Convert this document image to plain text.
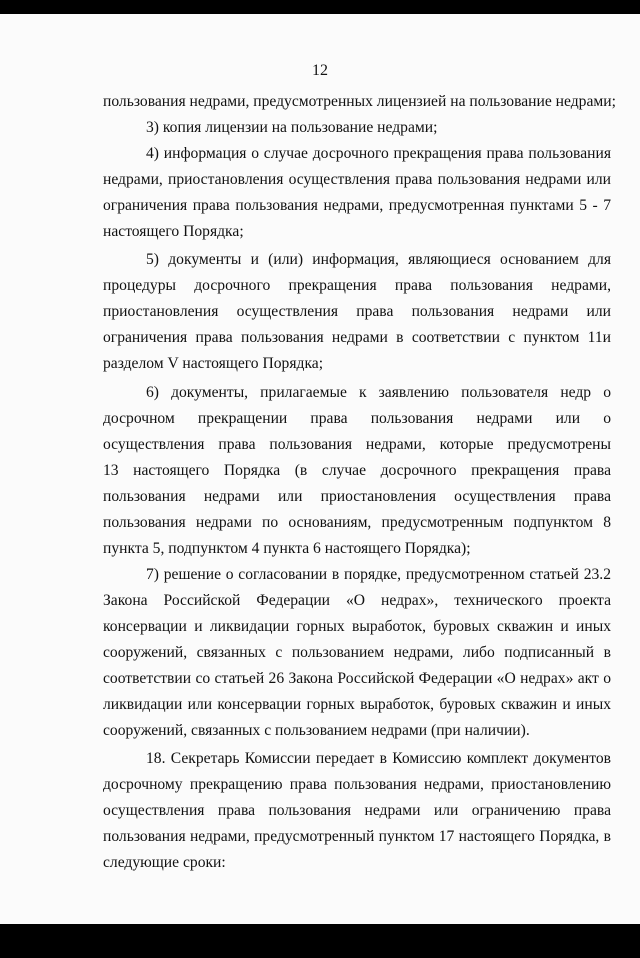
12
пользования недрами, предусмотренных лицензией на пользование недрами;
3) копия лицензии на пользование недрами;
4) информация о случае досрочного прекращения права пользования
недрами, приостановления осуществления права пользования недрами или
ограничения права пользования недрами, предусмотренная пунктами 5 - 7
настоящего Порядка;
5) документы и (или) информация, являющиеся основанием для
процедуры досрочного прекращения права пользования недрами,
приостановления осуществления права пользования недрами или
ограничения права пользования недрами в соответствии с пунктом 11и
разделом V настоящего Порядка;
6) документы, прилагаемые к заявлению пользователя недр о
досрочном прекращении права пользования недрами или о
осуществления права пользования недрами, которые предусмотрены
13 настоящего Порядка (в случае досрочного прекращения права
пользования недрами или приостановления осуществления права
пользования недрами по основаниям, предусмотренным подпунктом 8
пункта 5, подпунктом 4 пункта 6 настоящего Порядка);
7) решение о согласовании в порядке, предусмотренном статьей 23.2
Закона Российской Федерации «О недрах», технического проекта
консервации и ликвидации горных выработок, буровых скважин и иных
сооружений, связанных с пользованием недрами, либо подписанный в
соответствии со статьей 26 Закона Российской Федерации «О недрах» акт о
ликвидации или консервации горных выработок, буровых скважин и иных
сооружений, связанных с пользованием недрами (при наличии).
18. Секретарь Комиссии передает в Комиссию комплект документов
досрочному прекращению права пользования недрами, приостановлению
осуществления права пользования недрами или ограничению права
пользования недрами, предусмотренный пунктом 17 настоящего Порядка, в
следующие сроки:
